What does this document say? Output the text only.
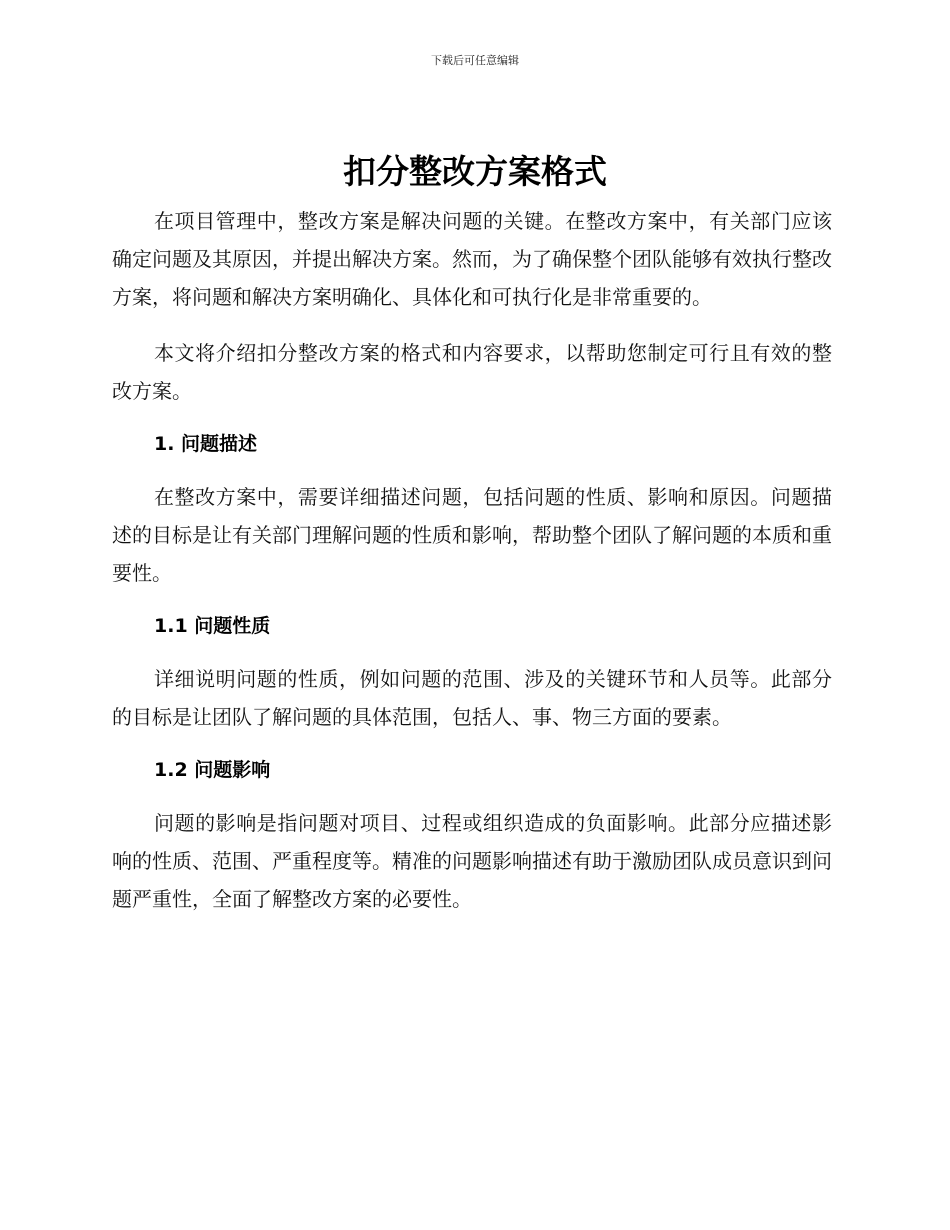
下载后可任意编辑
扣分整改方案格式

在项目管理中，整改方案是解决问题的关键。在整改方案中，有关部门应该确定问题及其原因，并提出解决方案。然而，为了确保整个团队能够有效执行整改方案，将问题和解决方案明确化、具体化和可执行化是非常重要的。

本文将介绍扣分整改方案的格式和内容要求，以帮助您制定可行且有效的整改方案。

1. 问题描述

在整改方案中，需要详细描述问题，包括问题的性质、影响和原因。问题描述的目标是让有关部门理解问题的性质和影响，帮助整个团队了解问题的本质和重要性。

1.1 问题性质

详细说明问题的性质，例如问题的范围、涉及的关键环节和人员等。此部分的目标是让团队了解问题的具体范围，包括人、事、物三方面的要素。

1.2 问题影响

问题的影响是指问题对项目、过程或组织造成的负面影响。此部分应描述影响的性质、范围、严重程度等。精准的问题影响描述有助于激励团队成员意识到问题严重性，全面了解整改方案的必要性。
